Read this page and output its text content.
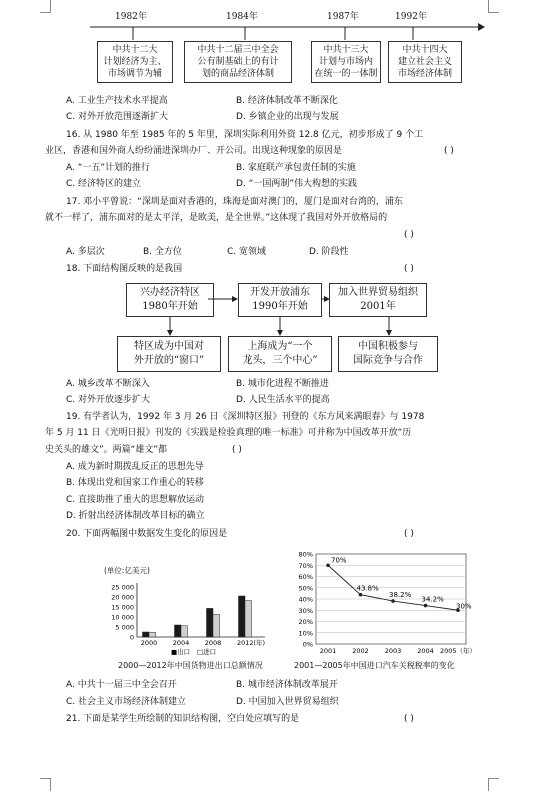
1982年	1984年	1987年	1992年
中共十二大
计划经济为主、
市场调节为辅
中共十二届三中全会
公有制基础上的有计
划的商品经济体制
中共十三大
计划与市场内
在统一的一体制
中共十四大
建立社会主义
市场经济体制
A. 工业生产技术水平提高	B. 经济体制改革不断深化
C. 对外开放范围逐渐扩大	D. 乡镇企业的出现与发展
16. 从 1980 年至 1985 年的 5 年里，深圳实际利用外资 12.8 亿元，初步形成了 9 个工
业区，香港和国外商人纷纷涌进深圳办厂、开公司。出现这种现象的原因是	( )
A. “一五”计划的推行	B. 家庭联产承包责任制的实施
C. 经济特区的建立	D. “一国两制”伟大构想的实践
17. 邓小平曾说：“深圳是面对香港的，珠海是面对澳门的，厦门是面对台湾的，浦东
就不一样了，浦东面对的是太平洋，是欧美，是全世界。”这体现了我国对外开放格局的
( )
A. 多层次	B. 全方位	C. 宽领域	D. 阶段性
18. 下面结构图反映的是我国	( )
兴办经济特区
1980年开始
开发开放浦东
1990年开始
加入世界贸易组织
2001年
特区成为中国对
外开放的“窗口”
上海成为“一个
龙头，三个中心”
中国积极参与
国际竞争与合作
A. 城乡改革不断深入	B. 城市化进程不断推进
C. 对外开放逐步扩大	D. 人民生活水平的提高
19. 有学者认为，1992 年 3 月 26 日《深圳特区报》刊登的《东方风来满眼春》与 1978
年 5 月 11 日《光明日报》刊发的《实践是检验真理的唯一标准》可并称为中国改革开放“历
史关头的雄文”。两篇“雄文”都	( )
A. 成为新时期拨乱反正的思想先导
B. 体现出党和国家工作重心的转移
C. 直接助推了重大的思想解放运动
D. 折射出经济体制改革目标的确立
20. 下面两幅图中数据发生变化的原因是	( )
(单位:亿美元)
25 000
20 000
15 000
10 000
5 000
0
2000 2004 2008 2012(年)
■出口 □进口
2000—2012年中国货物进出口总额情况
80%
70%
60%
50%
40%
30%
20%
10%
0%
70%
43.8%
38.2%
34.2%
30%
2001 2002 2003 2004 2005（年）
2001—2005年中国进口汽车关税税率的变化
A. 中共十一届三中全会召开	B. 城市经济体制改革展开
C. 社会主义市场经济体制建立	D. 中国加入世界贸易组织
21. 下面是某学生所绘制的知识结构图，空白处应填写的是	( )
